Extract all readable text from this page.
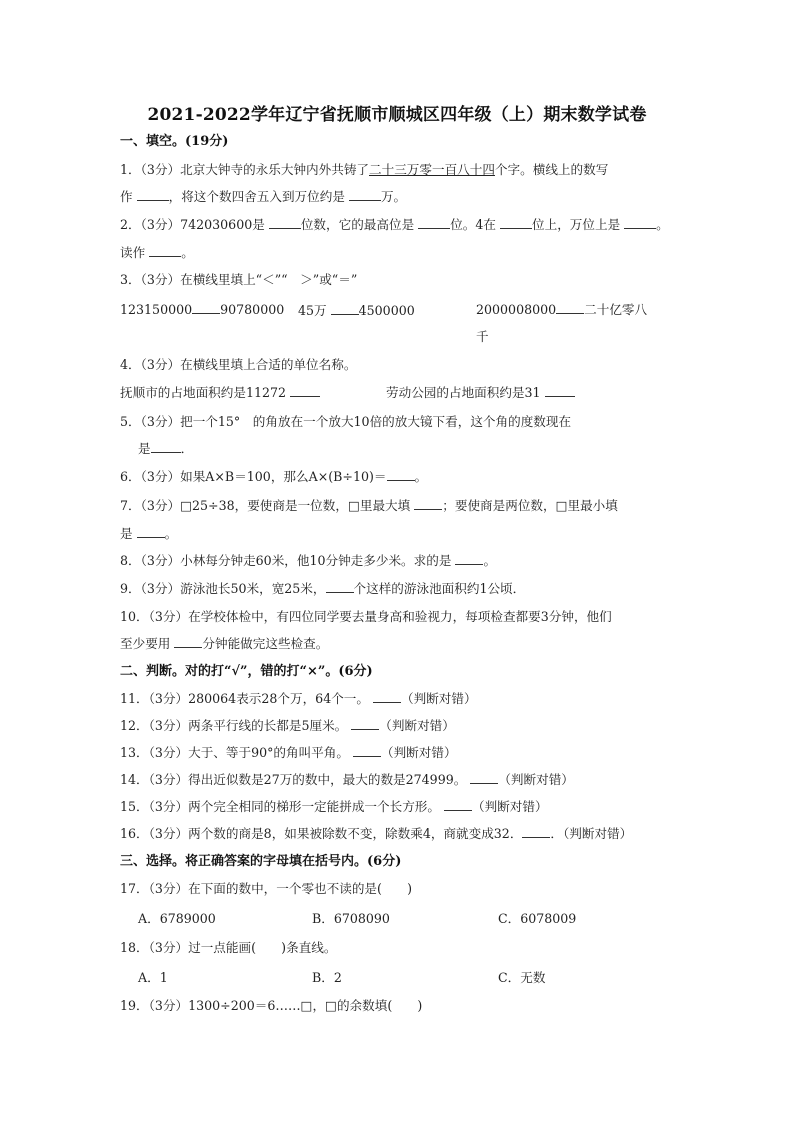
2021-2022学年辽宁省抚顺市顺城区四年级（上）期末数学试卷
一、填空。(19分)
1．（3分）北京大钟寺的永乐大钟内外共铸了二十三万零一百八十四个字。横线上的数写
作	，将这个数四舍五入到万位约是	万。
2．（3分）742030600是	位数，它的最高位是	位。4在	位上，万位上是	。
读作	。
3．（3分）在横线里填上“＜”“　＞”或“＝”
123150000 90780000 45万	4500000	2000008000 二十亿零八
千
4．（3分）在横线里填上合适的单位名称。
抚顺市的占地面积约是11272	劳动公园的占地面积约是31
5．（3分）把一个15°　的角放在一个放大10倍的放大镜下看，这个角的度数现在
是 ．
6．（3分）如果A×B＝100，那么A×(B÷10)＝ 。
7．（3分）□25÷38，要使商是一位数，□里最大填	；要使商是两位数，□里最小填
是	。
8．（3分）小林每分钟走60米，他10分钟走多少米。求的是	。
9．（3分）游泳池长50米，宽25米， 个这样的游泳池面积约1公顷．
10．（3分）在学校体检中，有四位同学要去量身高和验视力，每项检查都要3分钟，他们
至少要用	分钟能做完这些检查。
二、判断。对的打“√”，错的打“×”。(6分)
11．（3分）280064表示28个万，64个一。	（判断对错）
12．（3分）两条平行线的长都是5厘米。	（判断对错）
13．（3分）大于、等于90°的角叫平角。	（判断对错）
14．（3分）得出近似数是27万的数中，最大的数是274999。	（判断对错）
15．（3分）两个完全相同的梯形一定能拼成一个长方形。	（判断对错）
16．（3分）两个数的商是8，如果被除数不变，除数乘4，商就变成32． ．（判断对错）
三、选择。将正确答案的字母填在括号内。(6分)
17．（3分）在下面的数中，一个零也不读的是(　　)
A．6789000	B．6708090	C．6078009
18．（3分）过一点能画(　　)条直线。
A．1	B．2	C．无数
19．（3分）1300÷200＝6……□，□的余数填(　　)
